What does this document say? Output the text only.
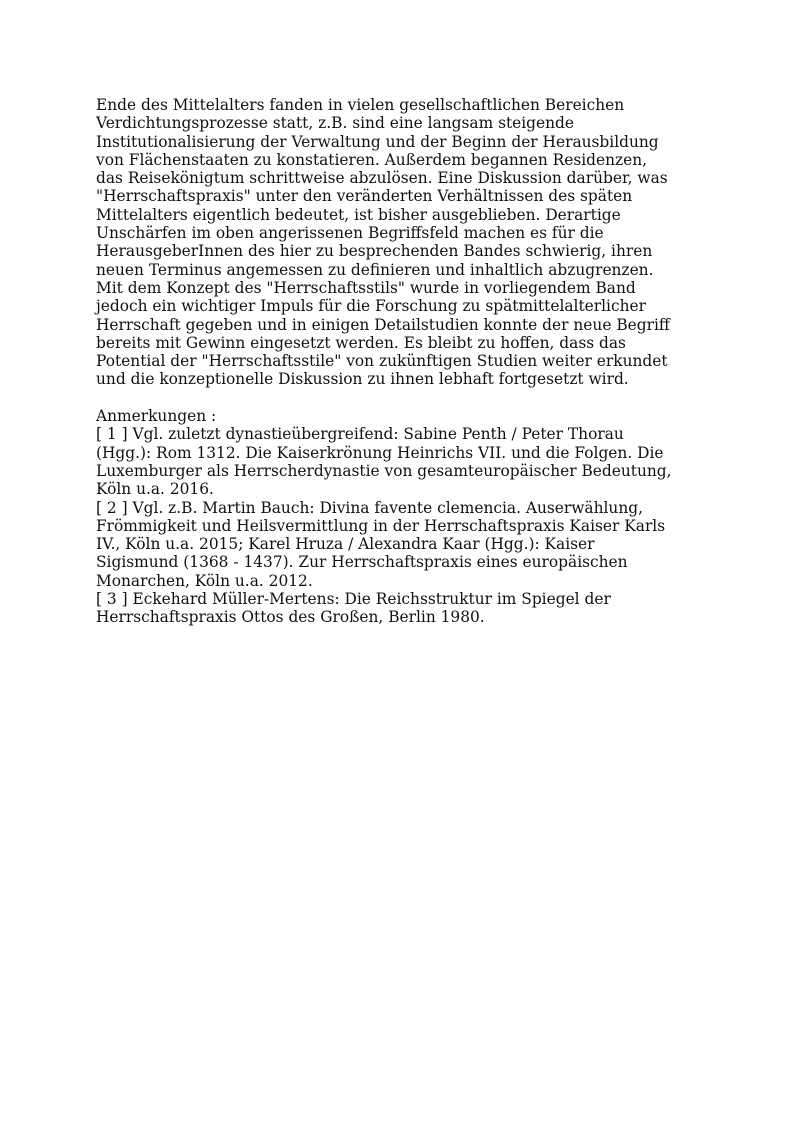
Ende des Mittelalters fanden in vielen gesellschaftlichen Bereichen
Verdichtungsprozesse statt, z.B. sind eine langsam steigende
Institutionalisierung der Verwaltung und der Beginn der Herausbildung
von Flächenstaaten zu konstatieren. Außerdem begannen Residenzen,
das Reisekönigtum schrittweise abzulösen. Eine Diskussion darüber, was
"Herrschaftspraxis" unter den veränderten Verhältnissen des späten
Mittelalters eigentlich bedeutet, ist bisher ausgeblieben. Derartige
Unschärfen im oben angerissenen Begriffsfeld machen es für die
HerausgeberInnen des hier zu besprechenden Bandes schwierig, ihren
neuen Terminus angemessen zu definieren und inhaltlich abzugrenzen.
Mit dem Konzept des "Herrschaftsstils" wurde in vorliegendem Band
jedoch ein wichtiger Impuls für die Forschung zu spätmittelalterlicher
Herrschaft gegeben und in einigen Detailstudien konnte der neue Begriff
bereits mit Gewinn eingesetzt werden. Es bleibt zu hoffen, dass das
Potential der "Herrschaftsstile" von zukünftigen Studien weiter erkundet
und die konzeptionelle Diskussion zu ihnen lebhaft fortgesetzt wird.
Anmerkungen :
[ 1 ] Vgl. zuletzt dynastieübergreifend: Sabine Penth / Peter Thorau
(Hgg.): Rom 1312. Die Kaiserkrönung Heinrichs VII. und die Folgen. Die
Luxemburger als Herrscherdynastie von gesamteuropäischer Bedeutung,
Köln u.a. 2016.
[ 2 ] Vgl. z.B. Martin Bauch: Divina favente clemencia. Auserwählung,
Frömmigkeit und Heilsvermittlung in der Herrschaftspraxis Kaiser Karls
IV., Köln u.a. 2015; Karel Hruza / Alexandra Kaar (Hgg.): Kaiser
Sigismund (1368 - 1437). Zur Herrschaftspraxis eines europäischen
Monarchen, Köln u.a. 2012.
[ 3 ] Eckehard Müller-Mertens: Die Reichsstruktur im Spiegel der
Herrschaftspraxis Ottos des Großen, Berlin 1980.
